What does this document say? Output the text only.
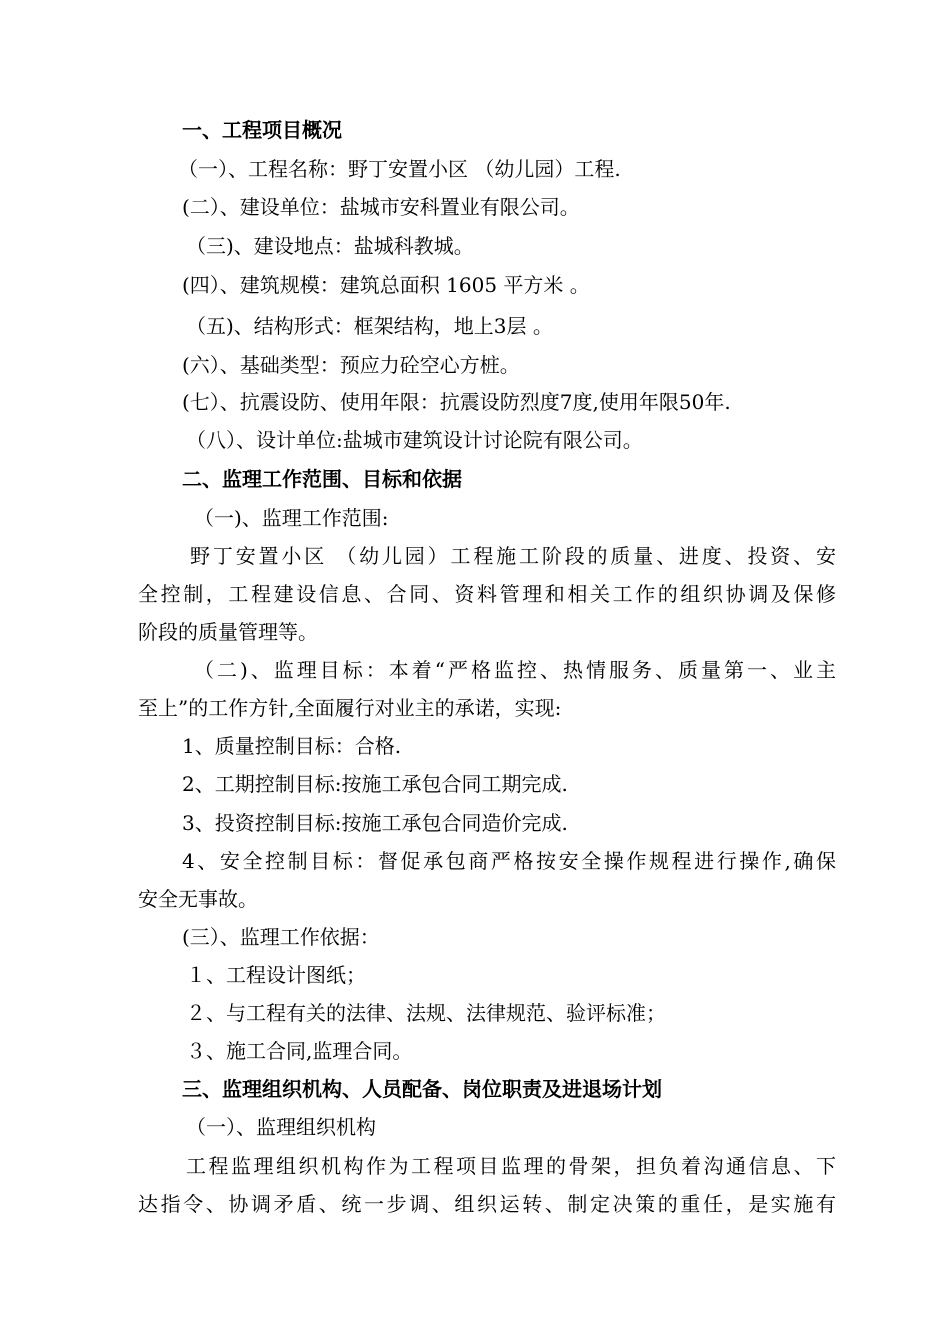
一、工程项目概况
（一）、工程名称：野丁安置小区 （幼儿园）工程.
(二）、建设单位：盐城市安科置业有限公司。
（三)、建设地点：盐城科教城。
(四）、建筑规模：建筑总面积 1605 平方米 。
（五)、结构形式：框架结构，地上3层 。
(六）、基础类型：预应力砼空心方桩。
(七）、抗震设防、使用年限：抗震设防烈度7度,使用年限50年.
（八）、设计单位:盐城市建筑设计讨论院有限公司。
二、监理工作范围、目标和依据
（一)、监理工作范围:
野丁安置小区 （幼儿园）工程施工阶段的质量、进度、投资、安
全控制，工程建设信息、合同、资料管理和相关工作的组织协调及保修
阶段的质量管理等。
（二)、监理目标：本着“严格监控、热情服务、质量第一、业主
至上”的工作方针,全面履行对业主的承诺，实现:
1、质量控制目标：合格.
2、工期控制目标:按施工承包合同工期完成.
3、投资控制目标:按施工承包合同造价完成.
4、安全控制目标：督促承包商严格按安全操作规程进行操作,确保
安全无事故。
(三）、监理工作依据：
１、工程设计图纸；
２、与工程有关的法律、法规、法律规范、验评标准；
３、施工合同,监理合同。
三、监理组织机构、人员配备、岗位职责及进退场计划
（一）、监理组织机构
工程监理组织机构作为工程项目监理的骨架，担负着沟通信息、下
达指令、协调矛盾、统一步调、组织运转、制定决策的重任，是实施有
